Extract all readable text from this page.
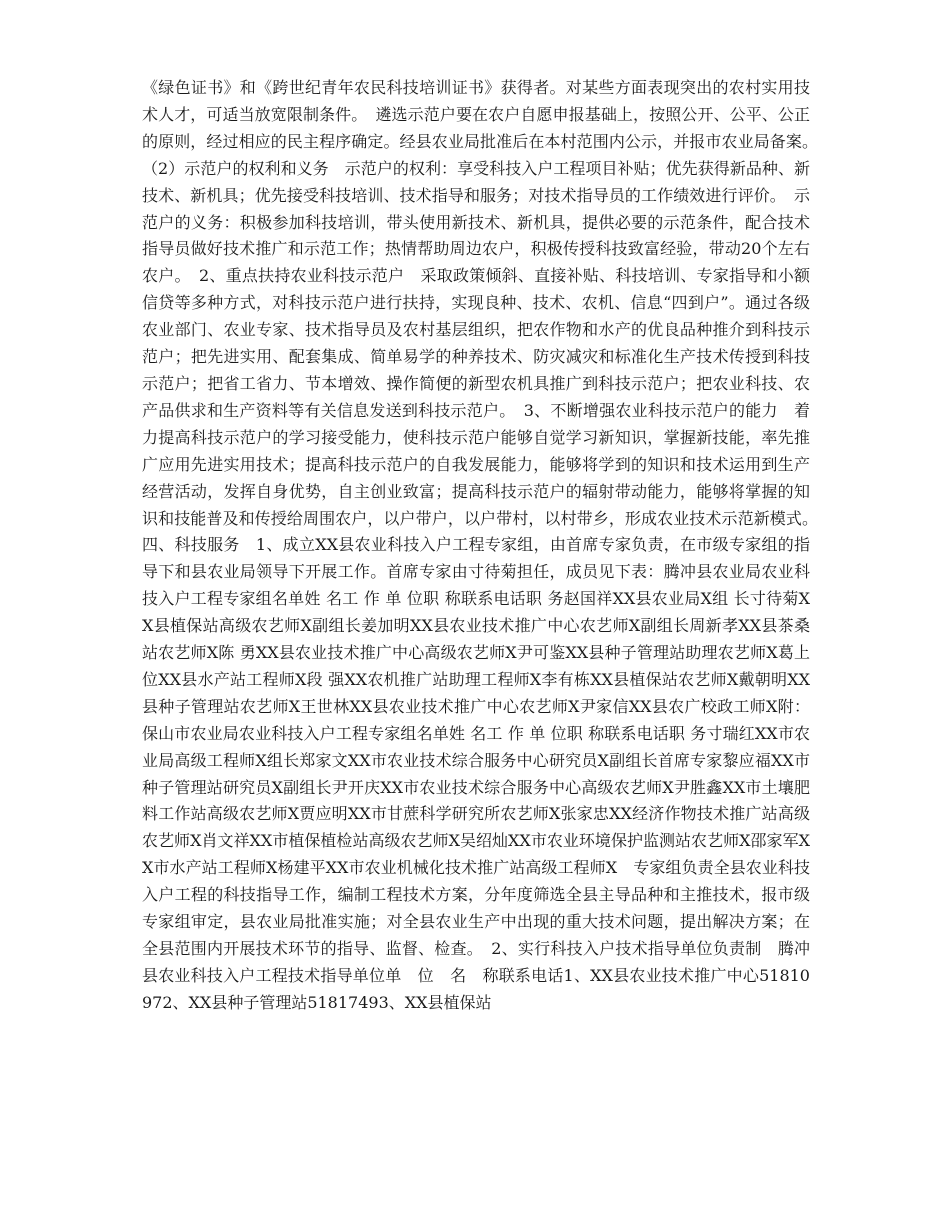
《绿色证书》和《跨世纪青年农民科技培训证书》获得者。对某些方面表现突出的农村实用技术人才，可适当放宽限制条件。　遴选示范户要在农户自愿申报基础上，按照公开、公平、公正的原则，经过相应的民主程序确定。经县农业局批准后在本村范围内公示，并报市农业局备案。　（2）示范户的权利和义务　示范户的权利：享受科技入户工程项目补贴；优先获得新品种、新技术、新机具；优先接受科技培训、技术指导和服务；对技术指导员的工作绩效进行评价。　示范户的义务：积极参加科技培训，带头使用新技术、新机具，提供必要的示范条件，配合技术指导员做好技术推广和示范工作；热情帮助周边农户，积极传授科技致富经验，带动20个左右农户。　2、重点扶持农业科技示范户　采取政策倾斜、直接补贴、科技培训、专家指导和小额信贷等多种方式，对科技示范户进行扶持，实现良种、技术、农机、信息“四到户”。通过各级农业部门、农业专家、技术指导员及农村基层组织，把农作物和水产的优良品种推介到科技示范户；把先进实用、配套集成、简单易学的种养技术、防灾减灾和标准化生产技术传授到科技示范户；把省工省力、节本增效、操作简便的新型农机具推广到科技示范户；把农业科技、农产品供求和生产资料等有关信息发送到科技示范户。　3、不断增强农业科技示范户的能力　着力提高科技示范户的学习接受能力，使科技示范户能够自觉学习新知识，掌握新技能，率先推广应用先进实用技术；提高科技示范户的自我发展能力，能够将学到的知识和技术运用到生产经营活动，发挥自身优势，自主创业致富；提高科技示范户的辐射带动能力，能够将掌握的知识和技能普及和传授给周围农户，以户带户，以户带村，以村带乡，形成农业技术示范新模式。　四、科技服务　1、成立XX县农业科技入户工程专家组，由首席专家负责，在市级专家组的指导下和县农业局领导下开展工作。首席专家由寸待菊担任，成员见下表：腾冲县农业局农业科技入户工程专家组名单姓 名工 作 单 位职 称联系电话职 务赵国祥XX县农业局X组 长寸待菊XX县植保站高级农艺师X副组长姜加明XX县农业技术推广中心农艺师X副组长周新孝XX县茶桑站农艺师X陈 勇XX县农业技术推广中心高级农艺师X尹可鉴XX县种子管理站助理农艺师X葛上位XX县水产站工程师X段 强XX农机推广站助理工程师X李有栋XX县植保站农艺师X戴朝明XX县种子管理站农艺师X王世林XX县农业技术推广中心农艺师X尹家信XX县农广校政工师X附：保山市农业局农业科技入户工程专家组名单姓 名工 作 单 位职 称联系电话职 务寸瑞红XX市农业局高级工程师X组长郑家文XX市农业技术综合服务中心研究员X副组长首席专家黎应福XX市种子管理站研究员X副组长尹开庆XX市农业技术综合服务中心高级农艺师X尹胜鑫XX市土壤肥料工作站高级农艺师X贾应明XX市甘蔗科学研究所农艺师X张家忠XX经济作物技术推广站高级农艺师X肖文祥XX市植保植检站高级农艺师X吴绍灿XX市农业环境保护监测站农艺师X邵家军XX市水产站工程师X杨建平XX市农业机械化技术推广站高级工程师X　专家组负责全县农业科技入户工程的科技指导工作，编制工程技术方案，分年度筛选全县主导品种和主推技术，报市级专家组审定，县农业局批准实施；对全县农业生产中出现的重大技术问题，提出解决方案；在全县范围内开展技术环节的指导、监督、检查。　2、实行科技入户技术指导单位负责制　腾冲县农业科技入户工程技术指导单位单　位　名　称联系电话1、XX县农业技术推广中心51810972、XX县种子管理站51817493、XX县植保站
